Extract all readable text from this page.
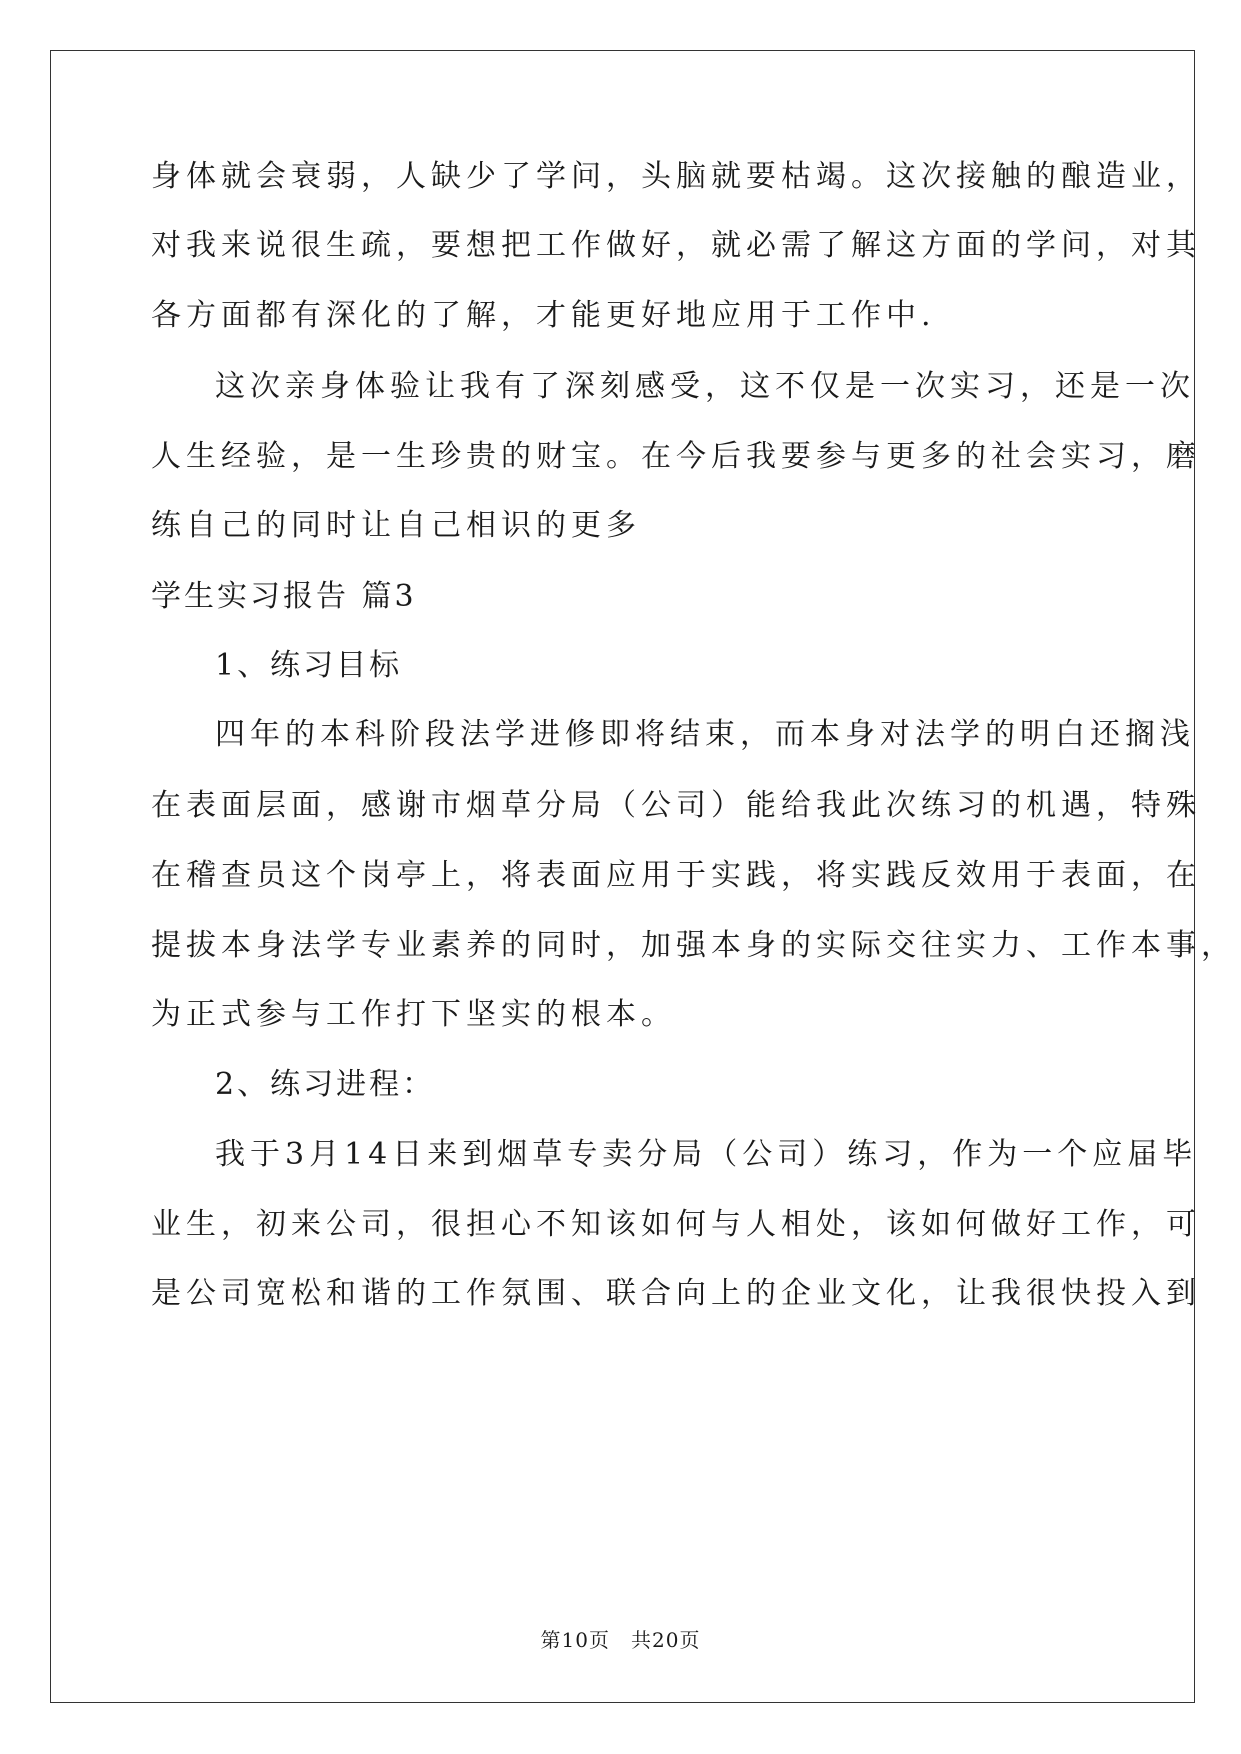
身体就会衰弱，人缺少了学问，头脑就要枯竭。这次接触的酿造业，
对我来说很生疏，要想把工作做好，就必需了解这方面的学问，对其
各方面都有深化的了解，才能更好地应用于工作中.
这次亲身体验让我有了深刻感受，这不仅是一次实习，还是一次
人生经验，是一生珍贵的财宝。在今后我要参与更多的社会实习，磨
练自己的同时让自己相识的更多
学生实习报告 篇3
1、练习目标
四年的本科阶段法学进修即将结束，而本身对法学的明白还搁浅
在表面层面，感谢市烟草分局（公司）能给我此次练习的机遇，特殊
在稽查员这个岗亭上，将表面应用于实践，将实践反效用于表面，在
提拔本身法学专业素养的同时，加强本身的实际交往实力、工作本事，
为正式参与工作打下坚实的根本。
2、练习进程：
我于3月14日来到烟草专卖分局（公司）练习，作为一个应届毕
业生，初来公司，很担心不知该如何与人相处，该如何做好工作，可
是公司宽松和谐的工作氛围、联合向上的企业文化，让我很快投入到
第10页　共20页
